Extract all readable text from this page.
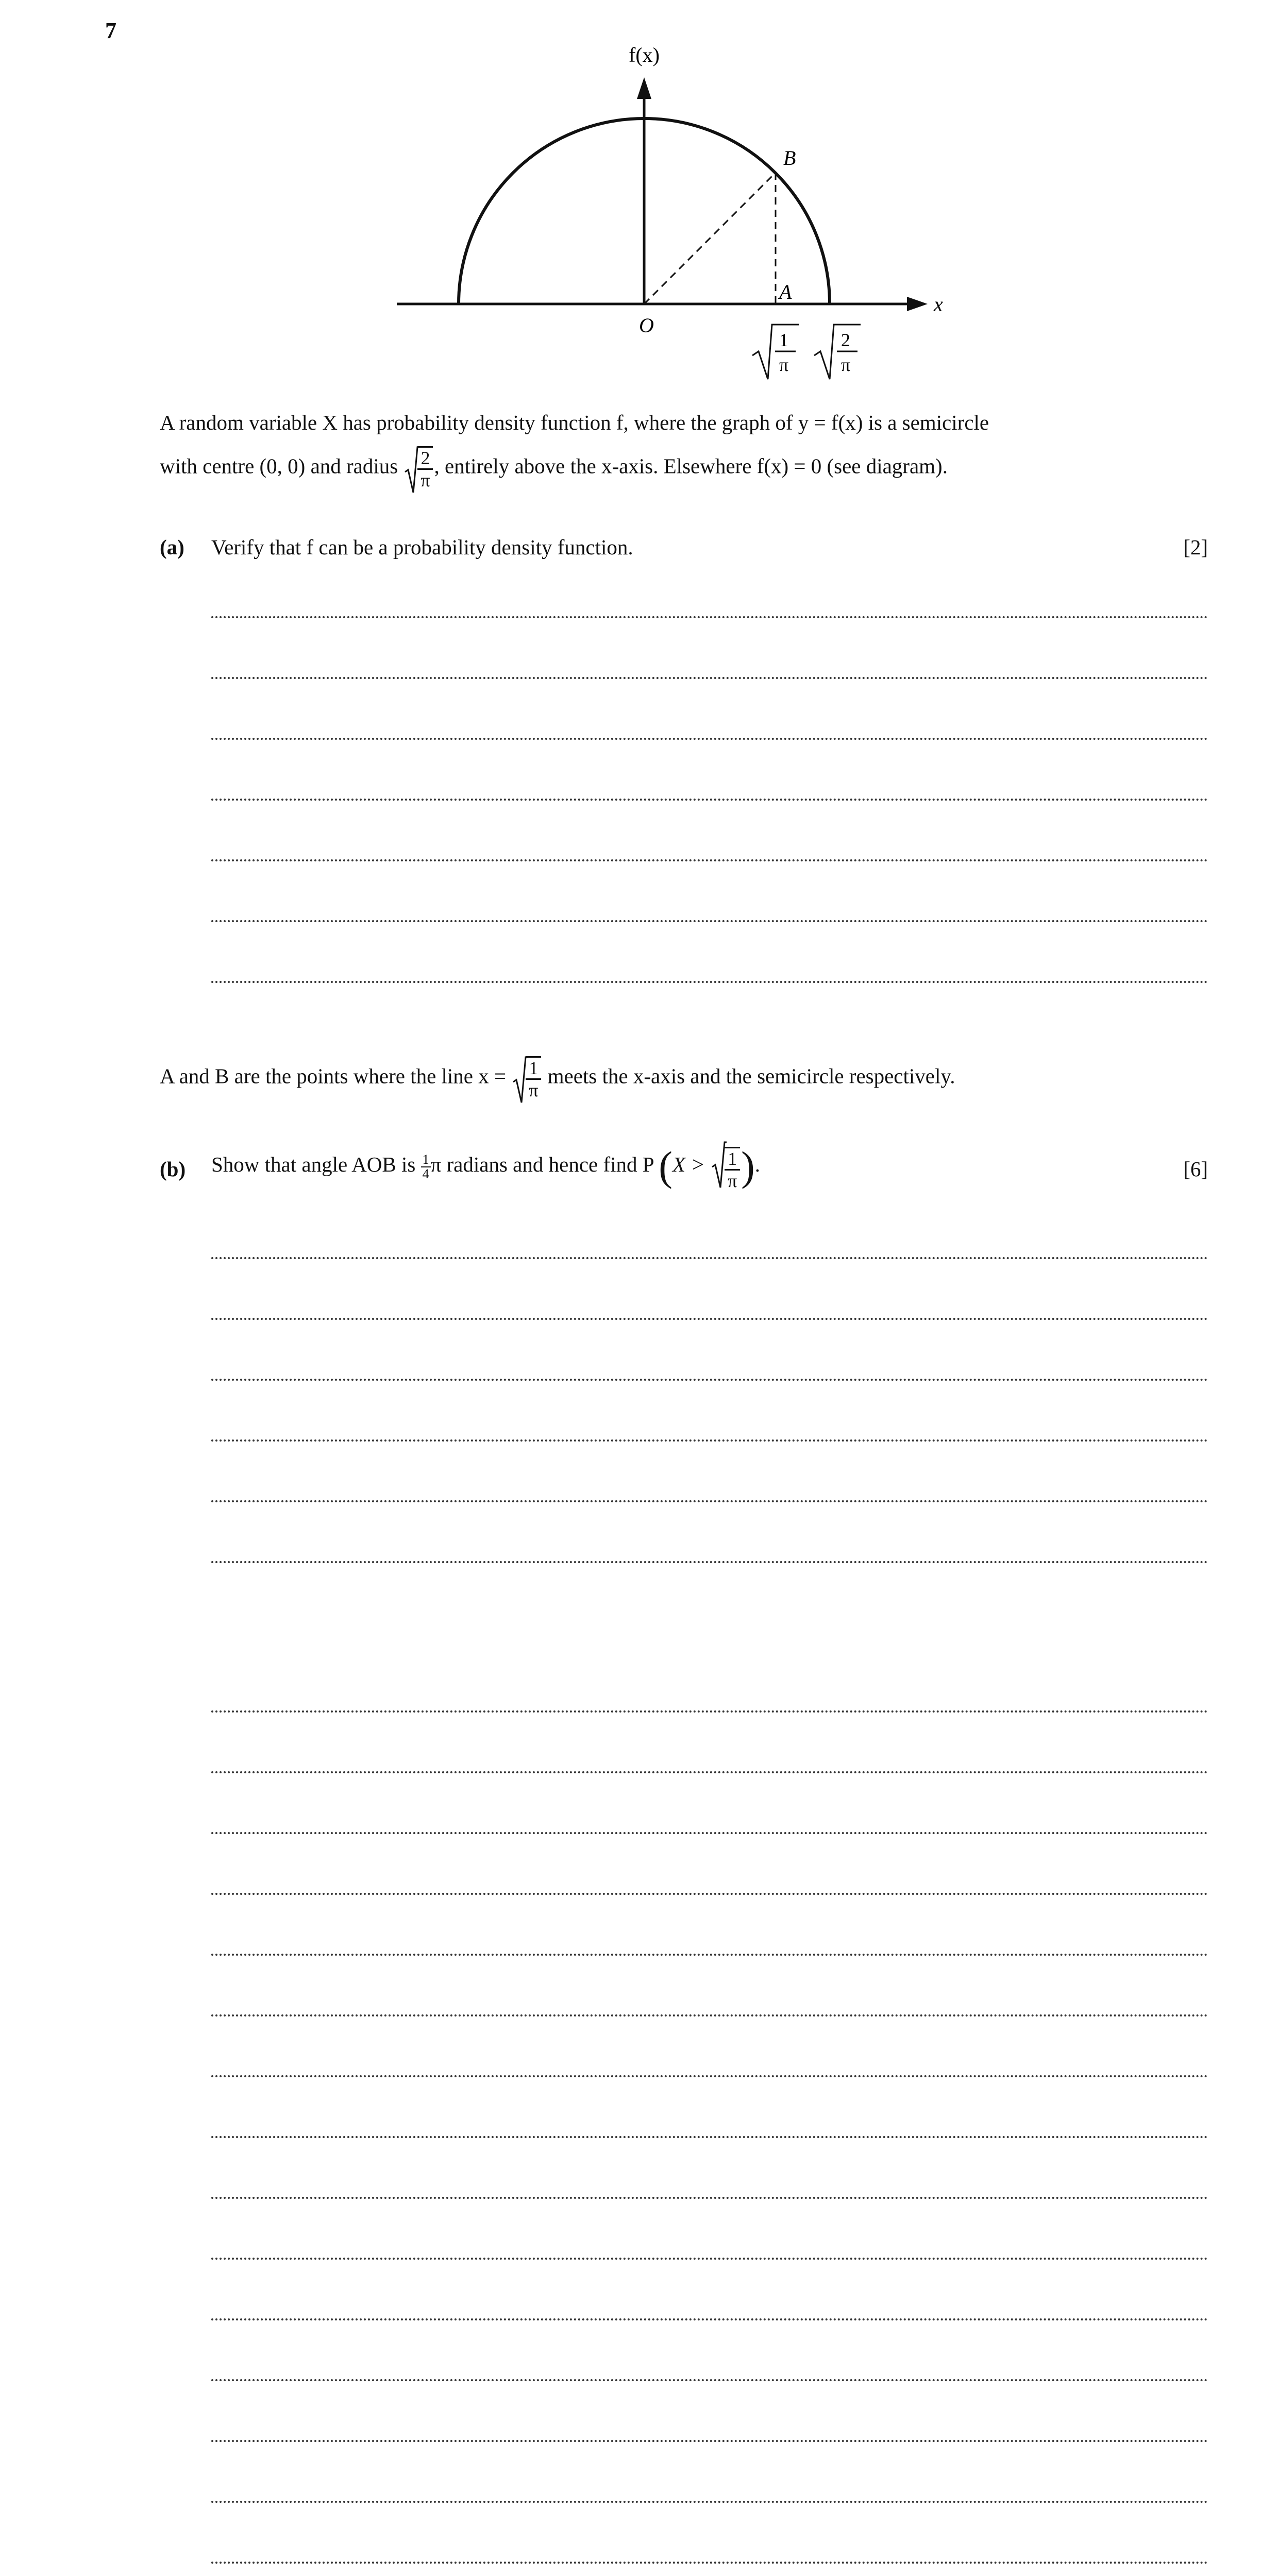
7
f(x)
x
O
A
B
1
π
2
π
A random variable X has probability density function f, where the graph of y = f(x) is a semicircle
with centre (0, 0) and radius $\frac{2}{\pi}$ , entirely above the x-axis. Elsewhere f(x) = 0 (see diagram).
(a) Verify that f can be a probability density function.	[2]
A and B are the points where the line $x = \frac{1}{\pi}$ meets the x-axis and the semicircle respectively.
(b) Show that angle AOB is $\frac{1}{4}$ π radians and hence find P ($X > \frac{1}{\pi}$ ).	[6]
